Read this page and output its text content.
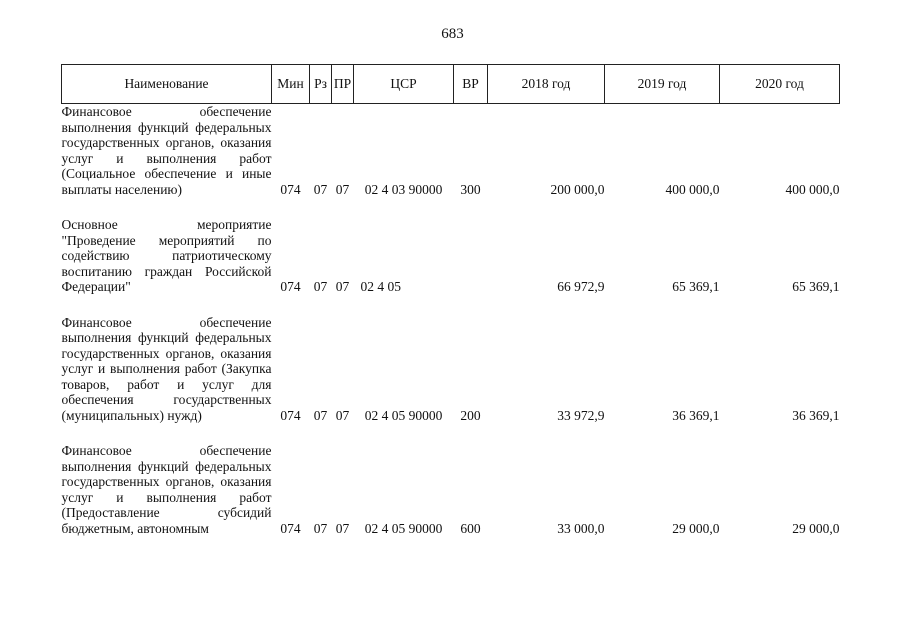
683
Наименование	Мин	Рз	ПР	ЦСР	ВР	2018 год	2019 год	2020 год
Финансовое обеспечение выполнения функций федеральных государственных органов, оказания услуг и выполнения работ (Социальное обеспечение и иные выплаты населению)	074	07	07	02 4 03 90000	300	200 000,0	400 000,0	400 000,0

Основное мероприятие "Проведение мероприятий по содействию патриотическому воспитанию граждан Российской Федерации"	074	07	07	02 4 05		66 972,9	65 369,1	65 369,1

Финансовое обеспечение выполнения функций федеральных государственных органов, оказания услуг и выполнения работ (Закупка товаров, работ и услуг для обеспечения государственных (муниципальных) нужд)	074	07	07	02 4 05 90000	200	33 972,9	36 369,1	36 369,1

Финансовое обеспечение выполнения функций федеральных государственных органов, оказания услуг и выполнения работ (Предоставление субсидий бюджетным, автономным	074	07	07	02 4 05 90000	600	33 000,0	29 000,0	29 000,0
